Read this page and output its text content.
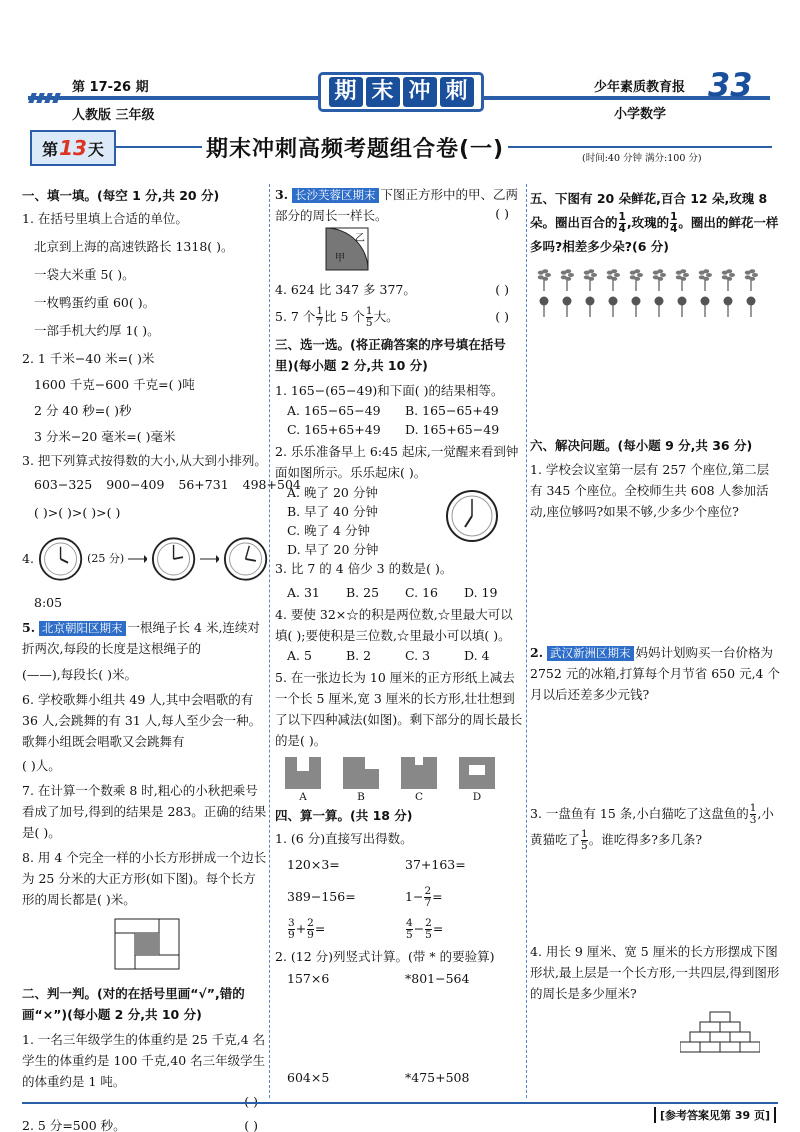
第 17-26 期
人教版 三年级
期 末 冲 刺	少年素质教育报
小学数学
33
第 13 天	期末冲刺高频考题组合卷(一)	(时间:40 分钟 满分:100 分)
一、填一填。(每空 1 分,共 20 分)
1. 在括号里填上合适的单位。
北京到上海的高速铁路长 1318( )。
一袋大米重 5( )。
一枚鸭蛋约重 60( )。
一部手机大约厚 1( )。
2. 1 千米−40 米=( )米
1600 千克−600 千克=( )吨
2 分 40 秒=( )秒
3 分米−20 毫米=( )毫米
3. 把下列算式按得数的大小,从大到小排列。
603−325 900−409 56+731 498+504
( )>( )>( )>( )
4.	(25 分)
8:05
5. 北京朝阳区期末 一根绳子长 4 米,连续对折两次,每段的长度是这根绳子的
(——),每段长( )米。
6. 学校歌舞小组共 49 人,其中会唱歌的有 36 人,会跳舞的有 31 人,每人至少会一种。歌舞小组既会唱歌又会跳舞有
( )人。
7. 在计算一个数乘 8 时,粗心的小秋把乘号看成了加号,得到的结果是 283。正确的结果是( )。
8. 用 4 个完全一样的小长方形拼成一个边长为 25 分米的大正方形(如下图)。每个长方形的周长都是( )米。
二、判一判。(对的在括号里画“√”,错的画“×”)(每小题 2 分,共 10 分)
1. 一名三年级学生的体重约是 25 千克,4 名学生的体重约是 100 千克,40 名三年级学生的体重约是 1 吨。
2. 5 分=500 秒。	( )
3. 长沙芙蓉区期末 下图正方形中的甲、乙两部分的周长一样长。	( )
乙
甲
4. 624 比 347 多 377。	( )
5. 7 个 $\frac{1}{7}$ 比 5 个 $\frac{1}{5}$ 大。	( )
三、选一选。(将正确答案的序号填在括号里)(每小题 2 分,共 10 分)
1. 165−(65−49)和下面( )的结果相等。
A. 165−65−49	B. 165−65+49
C. 165+65+49	D. 165+65−49
2. 乐乐准备早上 6:45 起床,一觉醒来看到钟面如图所示。乐乐起床( )。
A. 晚了 20 分钟
B. 早了 40 分钟
C. 晚了 4 分钟
D. 早了 20 分钟
3. 比 7 的 4 倍少 3 的数是( )。
A. 31	B. 25	C. 16	D. 19
4. 要使 32×☆的积是两位数,☆里最大可以填( );要使积是三位数,☆里最小可以填( )。
A. 5	B. 2	C. 3	D. 4
5. 在一张边长为 10 厘米的正方形纸上减去一个长 5 厘米,宽 3 厘米的长方形,壮壮想到了以下四种减法(如图)。剩下部分的周长最长的是( )。
A	B	C	D
四、算一算。(共 18 分)
1. (6 分)直接写出得数。
120×3=	37+163=
389−156=	$1- \frac{2}{7}$ =
$\frac{3}{9} + \frac{2}{9}$ =	$\frac{4}{5} - \frac{2}{5}$ =
2. (12 分)列竖式计算。(带 * 的要验算)
157×6	*801−564
604×5	*475+508
五、下图有 20 朵鲜花,百合 12 朵,玫瑰 8 朵。圈出百合的 $\frac{1}{4}$ ,玫瑰的 $\frac{1}{4}$ 。圈出的鲜花一样多吗?相差多少朵?(6 分)
六、解决问题。(每小题 9 分,共 36 分)
1. 学校会议室第一层有 257 个座位,第二层有 345 个座位。全校师生共 608 人参加活动,座位够吗?如果不够,少多少个座位?
2. 武汉新洲区期末 妈妈计划购买一台价格为 2752 元的冰箱,打算每个月节省 650 元,4 个月以后还差多少元钱?
3. 一盘鱼有 15 条,小白猫吃了这盘鱼的 $\frac{1}{3}$ ,小黄猫吃了 $\frac{1}{5}$ 。谁吃得多?多几条?
4. 用长 9 厘米、宽 5 厘米的长方形摆成下图形状,最上层是一个长方形,一共四层,得到图形的周长是多少厘米?
[参考答案见第 39 页]
